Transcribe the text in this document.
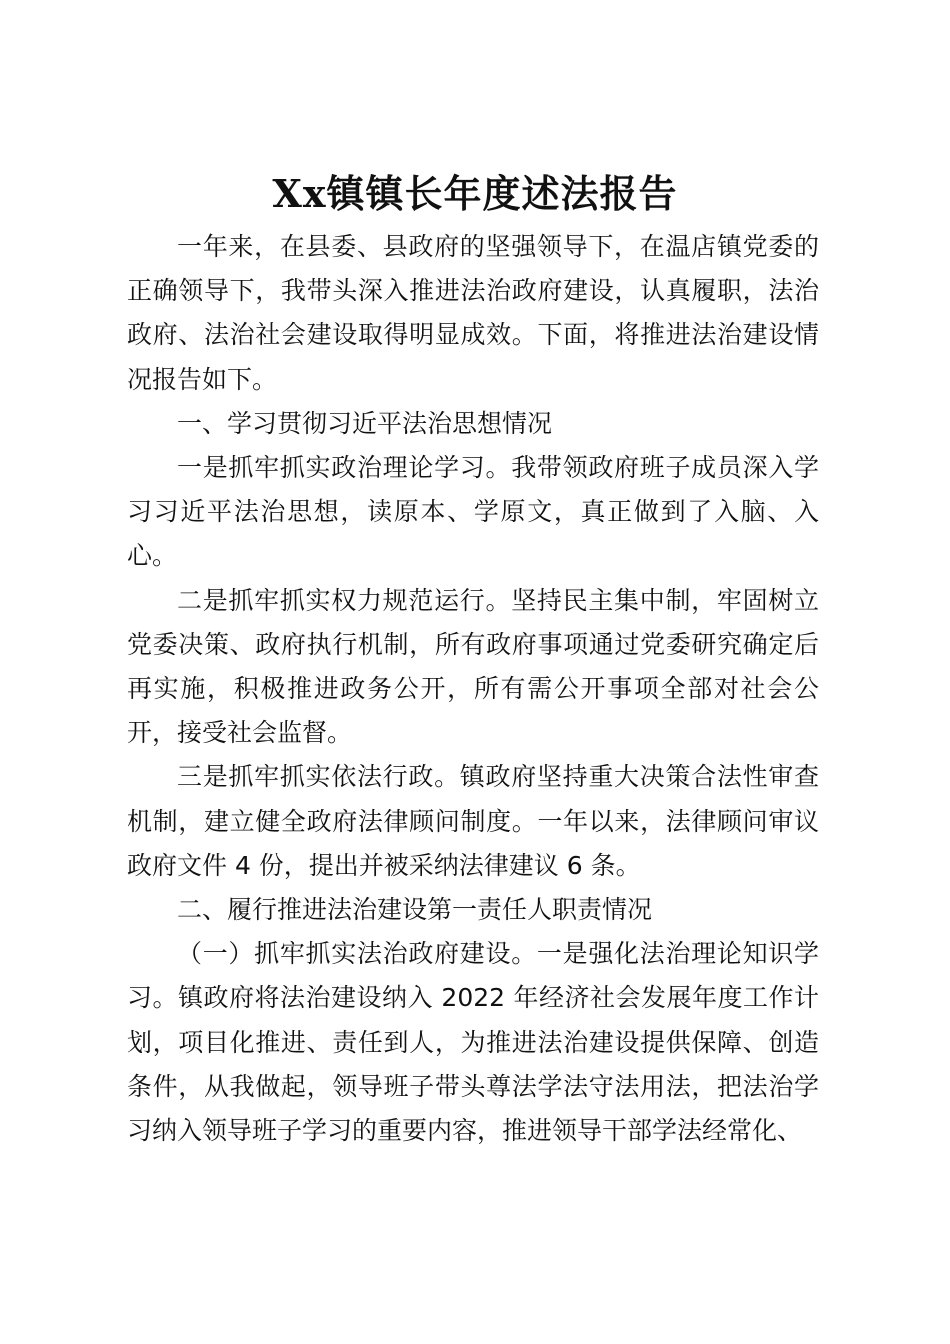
Xx镇镇长年度述法报告

一年来，在县委、县政府的坚强领导下，在温店镇党委的正确领导下，我带头深入推进法治政府建设，认真履职，法治政府、法治社会建设取得明显成效。下面，将推进法治建设情况报告如下。

一、学习贯彻习近平法治思想情况

一是抓牢抓实政治理论学习。我带领政府班子成员深入学习习近平法治思想，读原本、学原文，真正做到了入脑、入心。

二是抓牢抓实权力规范运行。坚持民主集中制，牢固树立党委决策、政府执行机制，所有政府事项通过党委研究确定后再实施，积极推进政务公开，所有需公开事项全部对社会公开，接受社会监督。

三是抓牢抓实依法行政。镇政府坚持重大决策合法性审查机制，建立健全政府法律顾问制度。一年以来，法律顾问审议政府文件 4 份，提出并被采纳法律建议 6 条。

二、履行推进法治建设第一责任人职责情况

（一）抓牢抓实法治政府建设。一是强化法治理论知识学习。镇政府将法治建设纳入 2022 年经济社会发展年度工作计划，项目化推进、责任到人，为推进法治建设提供保障、创造条件，从我做起，领导班子带头尊法学法守法用法，把法治学习纳入领导班子学习的重要内容，推进领导干部学法经常化、
